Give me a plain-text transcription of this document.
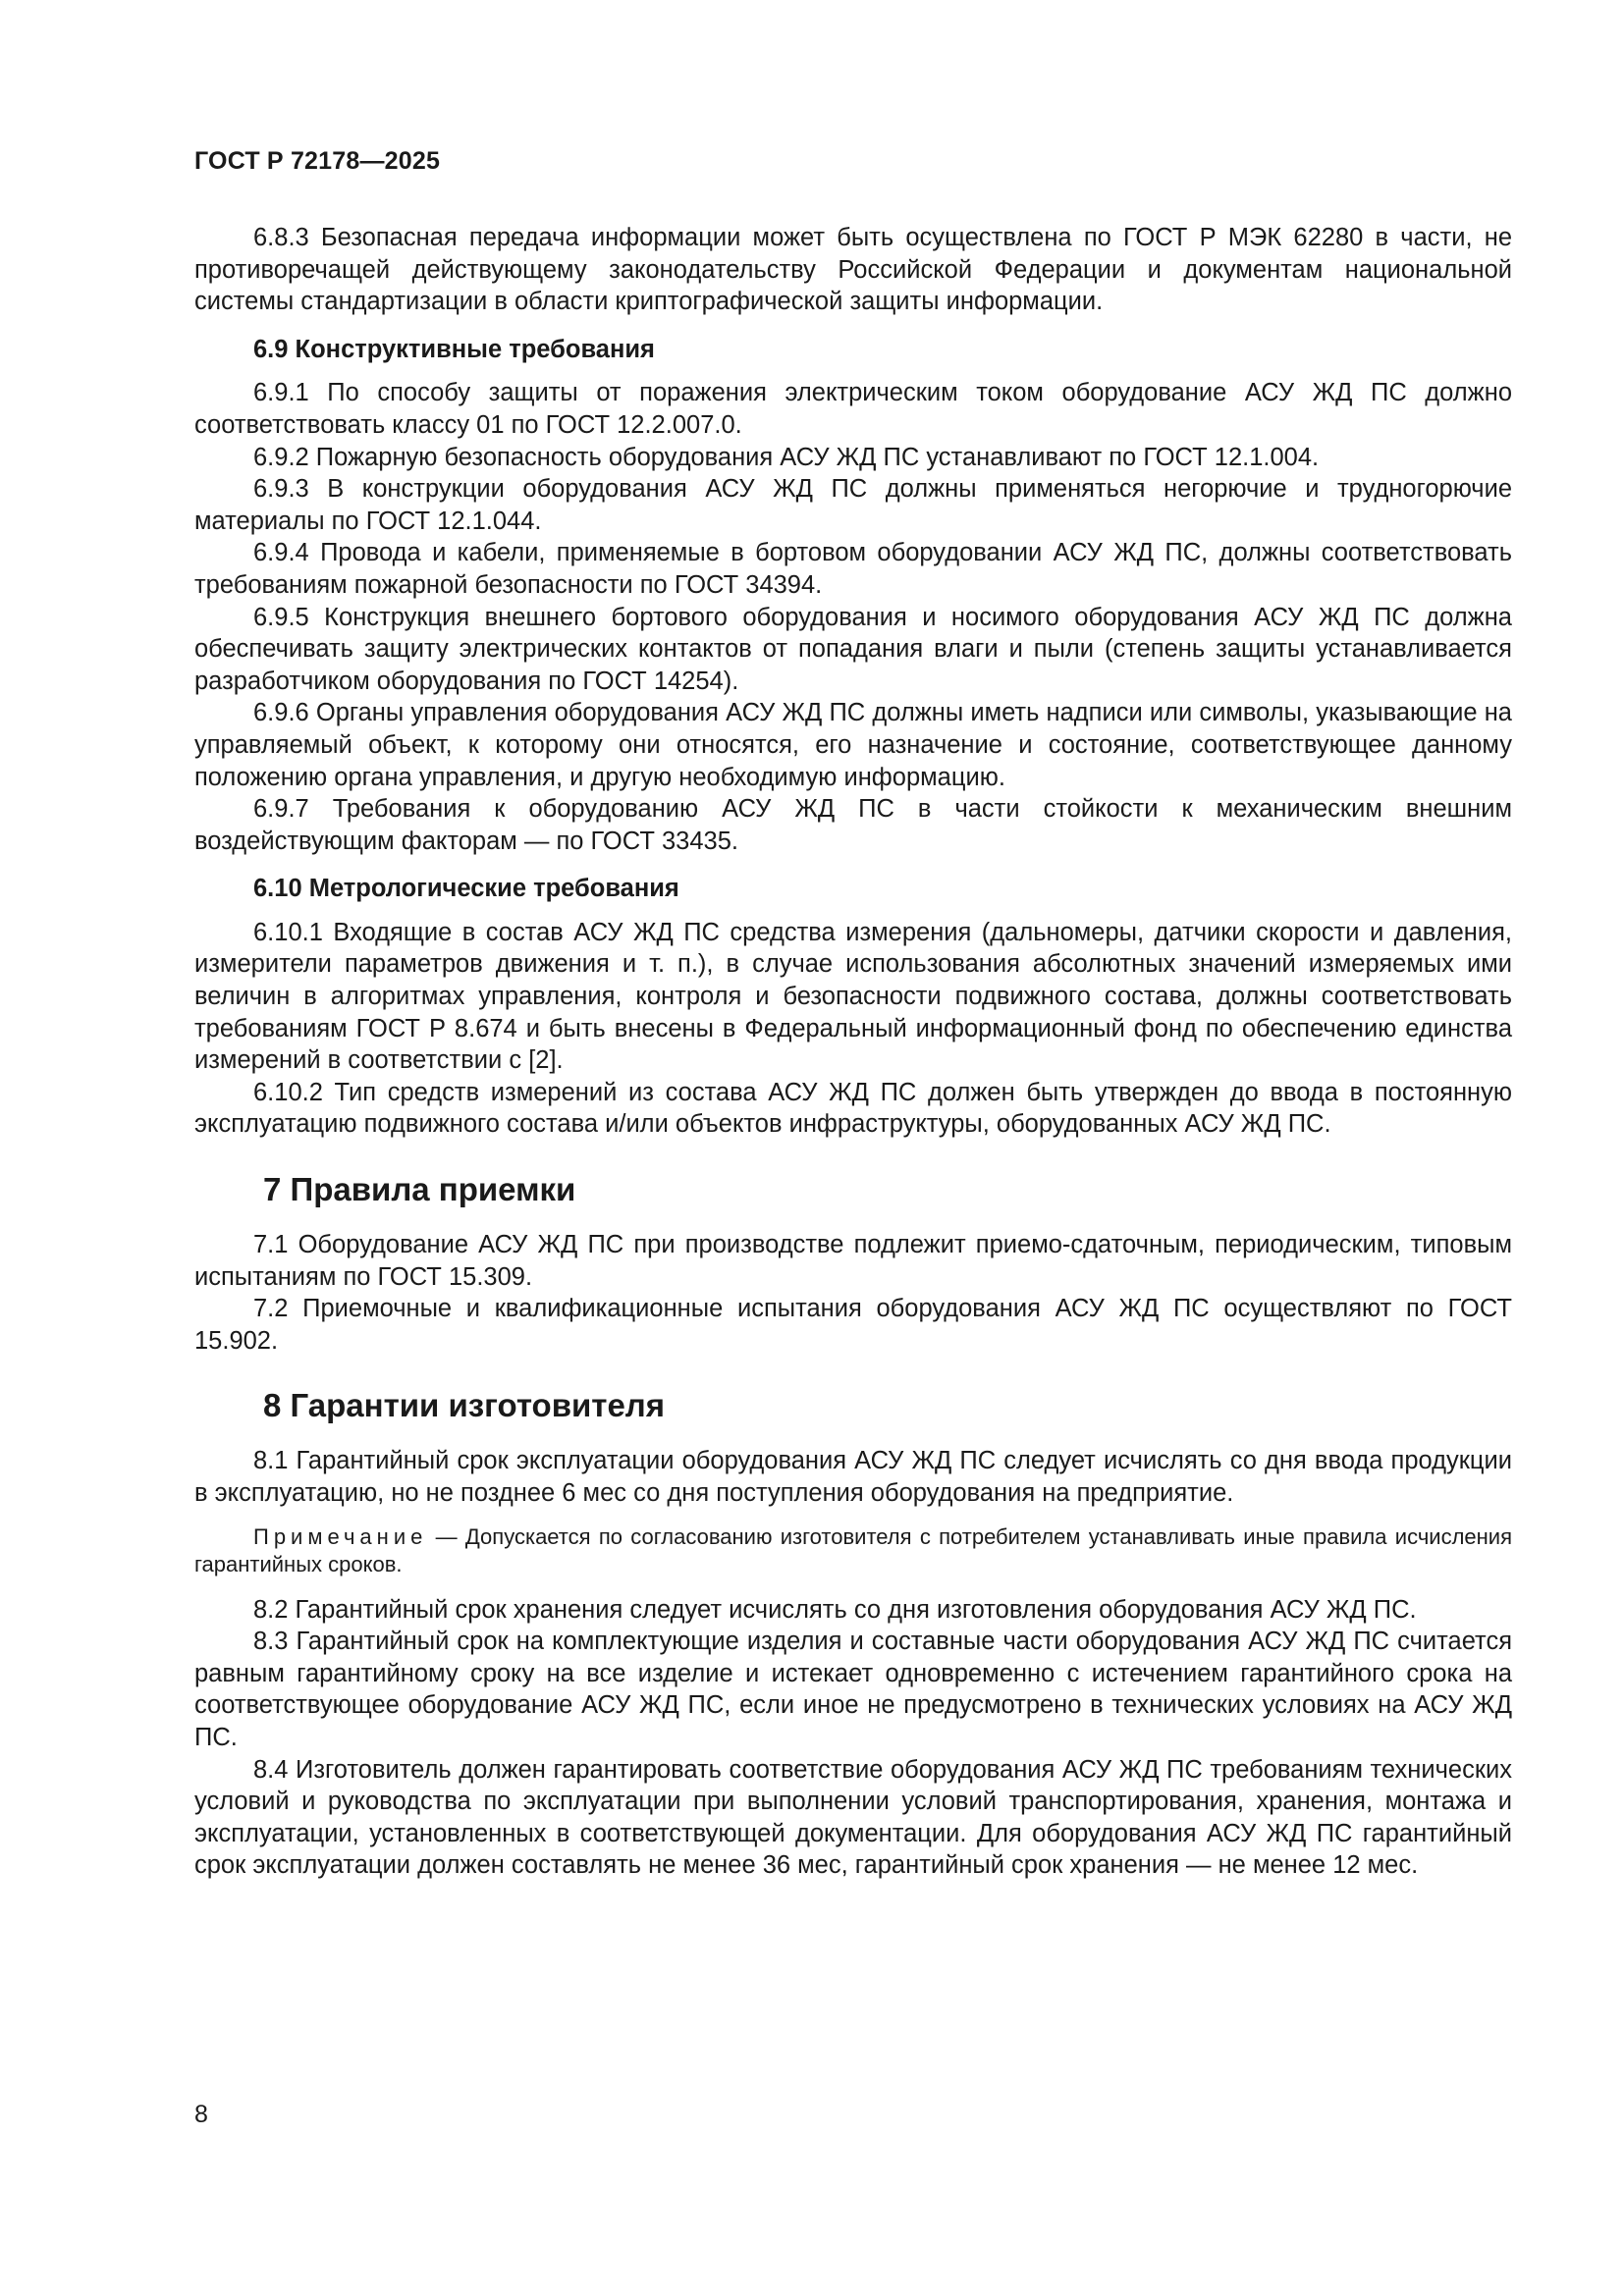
ГОСТ Р 72178—2025

6.8.3 Безопасная передача информации может быть осуществлена по ГОСТ Р МЭК 62280 в части, не противоречащей действующему законодательству Российской Федерации и документам национальной системы стандартизации в области криптографической защиты информации.

6.9 Конструктивные требования

6.9.1 По способу защиты от поражения электрическим током оборудование АСУ ЖД ПС должно соответствовать классу 01 по ГОСТ 12.2.007.0.

6.9.2 Пожарную безопасность оборудования АСУ ЖД ПС устанавливают по ГОСТ 12.1.004.

6.9.3 В конструкции оборудования АСУ ЖД ПС должны применяться негорючие и трудногорючие материалы по ГОСТ 12.1.044.

6.9.4 Провода и кабели, применяемые в бортовом оборудовании АСУ ЖД ПС, должны соответствовать требованиям пожарной безопасности по ГОСТ 34394.

6.9.5 Конструкция внешнего бортового оборудования и носимого оборудования АСУ ЖД ПС должна обеспечивать защиту электрических контактов от попадания влаги и пыли (степень защиты устанавливается разработчиком оборудования по ГОСТ 14254).

6.9.6 Органы управления оборудования АСУ ЖД ПС должны иметь надписи или символы, указывающие на управляемый объект, к которому они относятся, его назначение и состояние, соответствующее данному положению органа управления, и другую необходимую информацию.

6.9.7 Требования к оборудованию АСУ ЖД ПС в части стойкости к механическим внешним воздействующим факторам — по ГОСТ 33435.

6.10 Метрологические требования

6.10.1 Входящие в состав АСУ ЖД ПС средства измерения (дальномеры, датчики скорости и давления, измерители параметров движения и т. п.), в случае использования абсолютных значений измеряемых ими величин в алгоритмах управления, контроля и безопасности подвижного состава, должны соответствовать требованиям ГОСТ Р 8.674 и быть внесены в Федеральный информационный фонд по обеспечению единства измерений в соответствии с [2].

6.10.2 Тип средств измерений из состава АСУ ЖД ПС должен быть утвержден до ввода в постоянную эксплуатацию подвижного состава и/или объектов инфраструктуры, оборудованных АСУ ЖД ПС.

7 Правила приемки

7.1 Оборудование АСУ ЖД ПС при производстве подлежит приемо-сдаточным, периодическим, типовым испытаниям по ГОСТ 15.309.

7.2 Приемочные и квалификационные испытания оборудования АСУ ЖД ПС осуществляют по ГОСТ 15.902.

8 Гарантии изготовителя

8.1 Гарантийный срок эксплуатации оборудования АСУ ЖД ПС следует исчислять со дня ввода продукции в эксплуатацию, но не позднее 6 мес со дня поступления оборудования на предприятие.

Примечание — Допускается по согласованию изготовителя с потребителем устанавливать иные правила исчисления гарантийных сроков.

8.2 Гарантийный срок хранения следует исчислять со дня изготовления оборудования АСУ ЖД ПС.

8.3 Гарантийный срок на комплектующие изделия и составные части оборудования АСУ ЖД ПС считается равным гарантийному сроку на все изделие и истекает одновременно с истечением гарантийного срока на соответствующее оборудование АСУ ЖД ПС, если иное не предусмотрено в технических условиях на АСУ ЖД ПС.

8.4 Изготовитель должен гарантировать соответствие оборудования АСУ ЖД ПС требованиям технических условий и руководства по эксплуатации при выполнении условий транспортирования, хранения, монтажа и эксплуатации, установленных в соответствующей документации. Для оборудования АСУ ЖД ПС гарантийный срок эксплуатации должен составлять не менее 36 мес, гарантийный срок хранения — не менее 12 мес.

8
